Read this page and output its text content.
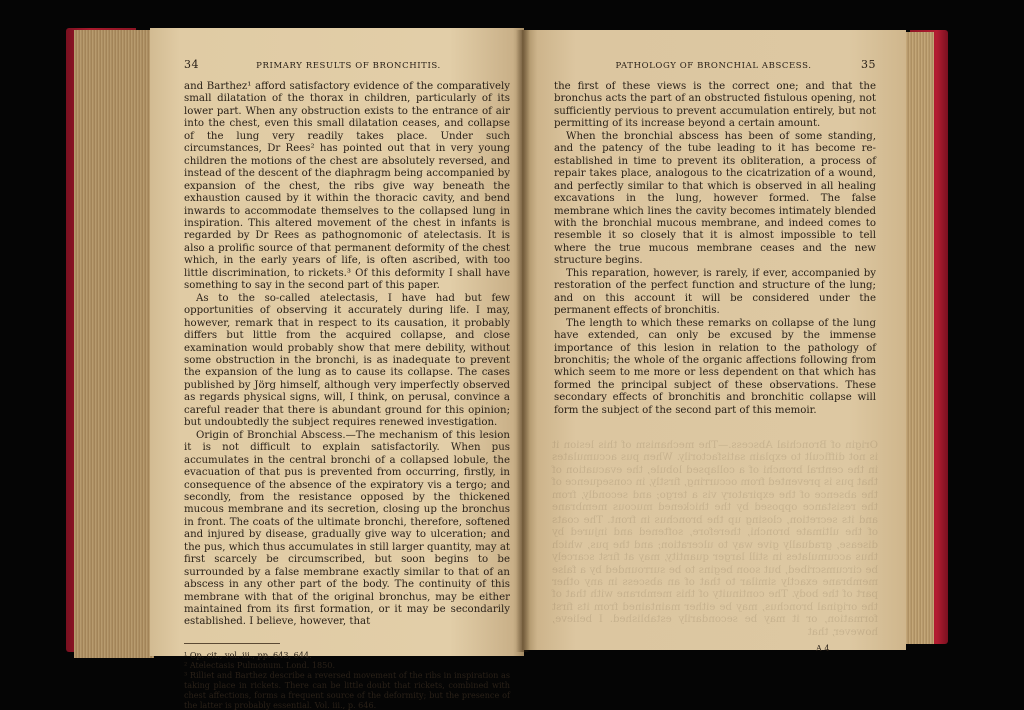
34	PRIMARY RESULTS OF BRONCHITIS.

and Barthez¹ afford satisfactory evidence of the comparatively small dilatation of the thorax in children, particularly of its lower part. When any obstruction exists to the entrance of air into the chest, even this small dilatation ceases, and collapse of the lung very readily takes place. Under such circumstances, Dr Rees² has pointed out that in very young children the motions of the chest are absolutely reversed, and instead of the descent of the diaphragm being accompanied by expansion of the chest, the ribs give way beneath the exhaustion caused by it within the thoracic cavity, and bend inwards to accommodate themselves to the collapsed lung in inspiration. This altered movement of the chest in infants is regarded by Dr Rees as pathognomonic of atelectasis. It is also a prolific source of that permanent deformity of the chest which, in the early years of life, is often ascribed, with too little discrimination, to rickets.³ Of this deformity I shall have something to say in the second part of this paper.

As to the so-called atelectasis, I have had but few opportunities of observing it accurately during life. I may, however, remark that in respect to its causation, it probably differs but little from the acquired collapse, and close examination would probably show that mere debility, without some obstruction in the bronchi, is as inadequate to prevent the expansion of the lung as to cause its collapse. The cases published by Jörg himself, although very imperfectly observed as regards physical signs, will, I think, on perusal, convince a careful reader that there is abundant ground for this opinion; but undoubtedly the subject requires renewed investigation.

Origin of Bronchial Abscess.—The mechanism of this lesion it is not difficult to explain satisfactorily. When pus accumulates in the central bronchi of a collapsed lobule, the evacuation of that pus is prevented from occurring, firstly, in consequence of the absence of the expiratory vis a tergo; and secondly, from the resistance opposed by the thickened mucous membrane and its secretion, closing up the bronchus in front. The coats of the ultimate bronchi, therefore, softened and injured by disease, gradually give way to ulceration; and the pus, which thus accumulates in still larger quantity, may at first scarcely be circumscribed, but soon begins to be surrounded by a false membrane exactly similar to that of an abscess in any other part of the body. The continuity of this membrane with that of the original bronchus, may be either maintained from its first formation, or it may be secondarily established. I believe, however, that

¹ Op. cit., vol. iii., pp. 643, 644.

² Atelectasis Pulmonum. Lond. 1850.

³ Rilliet and Barthez describe a reversed movement of the ribs in inspiration as taking place in rickets. There can be little doubt that rickets, combined with chest affections, forms a frequent source of the deformity; but the presence of the latter is probably essential. Vol. iii., p. 646.

PATHOLOGY OF BRONCHIAL ABSCESS.	35

the first of these views is the correct one; and that the bronchus acts the part of an obstructed fistulous opening, not sufficiently pervious to prevent accumulation entirely, but not permitting of its increase beyond a certain amount.

When the bronchial abscess has been of some standing, and the patency of the tube leading to it has become re-established in time to prevent its obliteration, a process of repair takes place, analogous to the cicatrization of a wound, and perfectly similar to that which is observed in all healing excavations in the lung, however formed. The false membrane which lines the cavity becomes intimately blended with the bronchial mucous membrane, and indeed comes to resemble it so closely that it is almost impossible to tell where the true mucous membrane ceases and the new structure begins.

This reparation, however, is rarely, if ever, accompanied by restoration of the perfect function and structure of the lung; and on this account it will be considered under the permanent effects of bronchitis.

The length to which these remarks on collapse of the lung have extended, can only be excused by the immense importance of this lesion in relation to the pathology of bronchitis; the whole of the organic affections following from which seem to me more or less dependent on that which has formed the principal subject of these observations. These secondary effects of bronchitis and bronchitic collapse will form the subject of the second part of this memoir.

Origin of Bronchial Abscess.—The mechanism of this lesion it is not difficult to explain satisfactorily. When pus accumulates in the central bronchi of a collapsed lobule, the evacuation of that pus is prevented from occurring, firstly, in consequence of the absence of the expiratory vis a tergo; and secondly, from the resistance opposed by the thickened mucous membrane and its secretion, closing up the bronchus in front. The coats of the ultimate bronchi, therefore, softened and injured by disease, gradually give way to ulceration; and the pus, which thus accumulates in still larger quantity, may at first scarcely be circumscribed, but soon begins to be surrounded by a false membrane exactly similar to that of an abscess in any other part of the body. The continuity of this membrane with that of the original bronchus, may be either maintained from its first formation, or it may be secondarily established. I believe, however, that

A 4
